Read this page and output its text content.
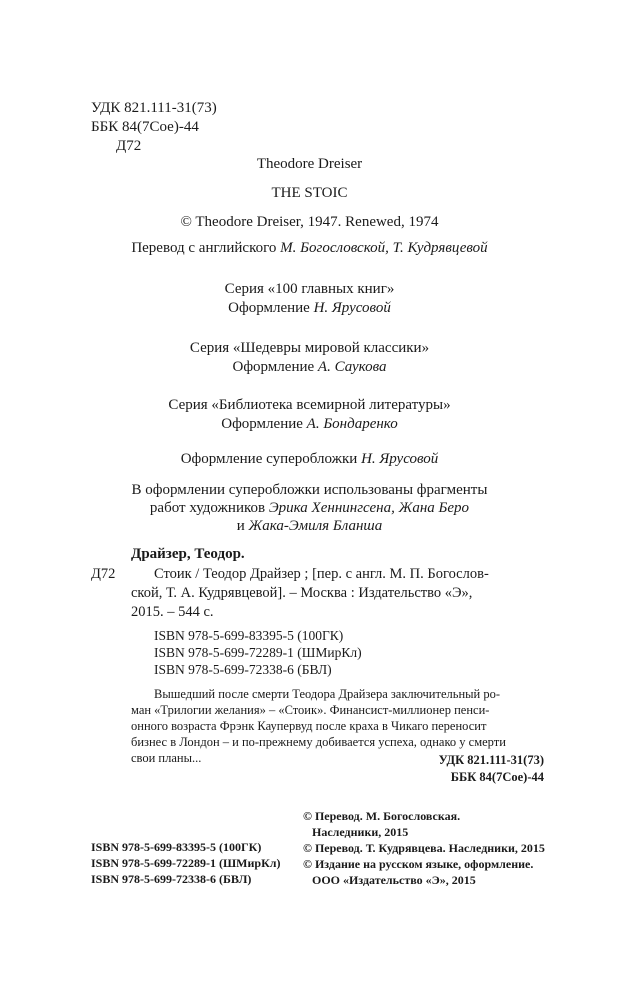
УДК 821.111-31(73)
ББК 84(7Сое)-44
Д72
Theodore Dreiser
THE STOIC
© Theodore Dreiser, 1947. Renewed, 1974
Перевод с английского М. Богословской, Т. Кудрявцевой
Серия «100 главных книг»
Оформление Н. Ярусовой
Серия «Шедевры мировой классики»
Оформление А. Саукова
Серия «Библиотека всемирной литературы»
Оформление А. Бондаренко
Оформление суперобложки Н. Ярусовой
В оформлении суперобложки использованы фрагменты
работ художников Эрика Хеннингсена, Жана Беро
и Жака-Эмиля Бланша
Драйзер, Теодор.
Д72	Стоик / Теодор Драйзер ; [пер. с англ. М. П. Богослов-
ской, Т. А. Кудрявцевой]. – Москва : Издательство «Э»,
2015. – 544 с.
ISBN 978-5-699-83395-5 (100ГК)
ISBN 978-5-699-72289-1 (ШМирКл)
ISBN 978-5-699-72338-6 (БВЛ)
Вышедший после смерти Теодора Драйзера заключительный ро-
ман «Трилогии желания» – «Стоик». Финансист-миллионер пенси-
онного возраста Фрэнк Каупервуд после краха в Чикаго переносит
бизнес в Лондон – и по-прежнему добивается успеха, однако у смерти
свои планы...	УДК 821.111-31(73)
ББК 84(7Сое)-44
ISBN 978-5-699-83395-5 (100ГК)
ISBN 978-5-699-72289-1 (ШМирКл)
ISBN 978-5-699-72338-6 (БВЛ)
© Перевод. М. Богословская.
Наследники, 2015
© Перевод. Т. Кудрявцева. Наследники, 2015
© Издание на русском языке, оформление.
ООО «Издательство «Э», 2015
